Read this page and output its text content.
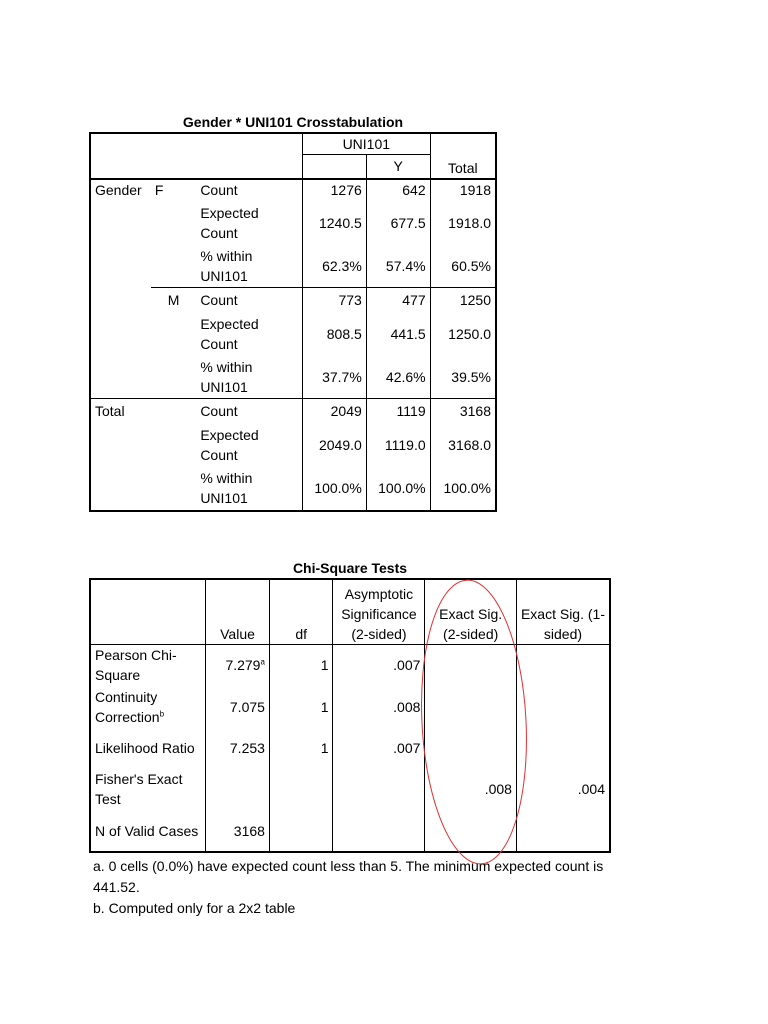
Gender * UNI101 Crosstabulation
			UNI101		Total
				Y	
Gender	F	Count	1276	642	1918
		Expected Count	1240.5	677.5	1918.0
		% within UNI101	62.3%	57.4%	60.5%
	M	Count	773	477	1250
		Expected Count	808.5	441.5	1250.0
		% within UNI101	37.7%	42.6%	39.5%
Total		Count	2049	1119	3168
		Expected Count	2049.0	1119.0	3168.0
		% within UNI101	100.0%	100.0%	100.0%
Chi-Square Tests
	Value	df	Asymptotic Significance (2-sided)	Exact Sig. (2-sided)	Exact Sig. (1-sided)
Pearson Chi-Square	7.279$^a$	1	.007		
Continuity Correction$^b$	7.075	1	.008		
Likelihood Ratio	7.253	1	.007		
Fisher's Exact Test				.008	.004
N of Valid Cases	3168				
a. 0 cells (0.0%) have expected count less than 5. The minimum expected count is 441.52.
b. Computed only for a 2x2 table
